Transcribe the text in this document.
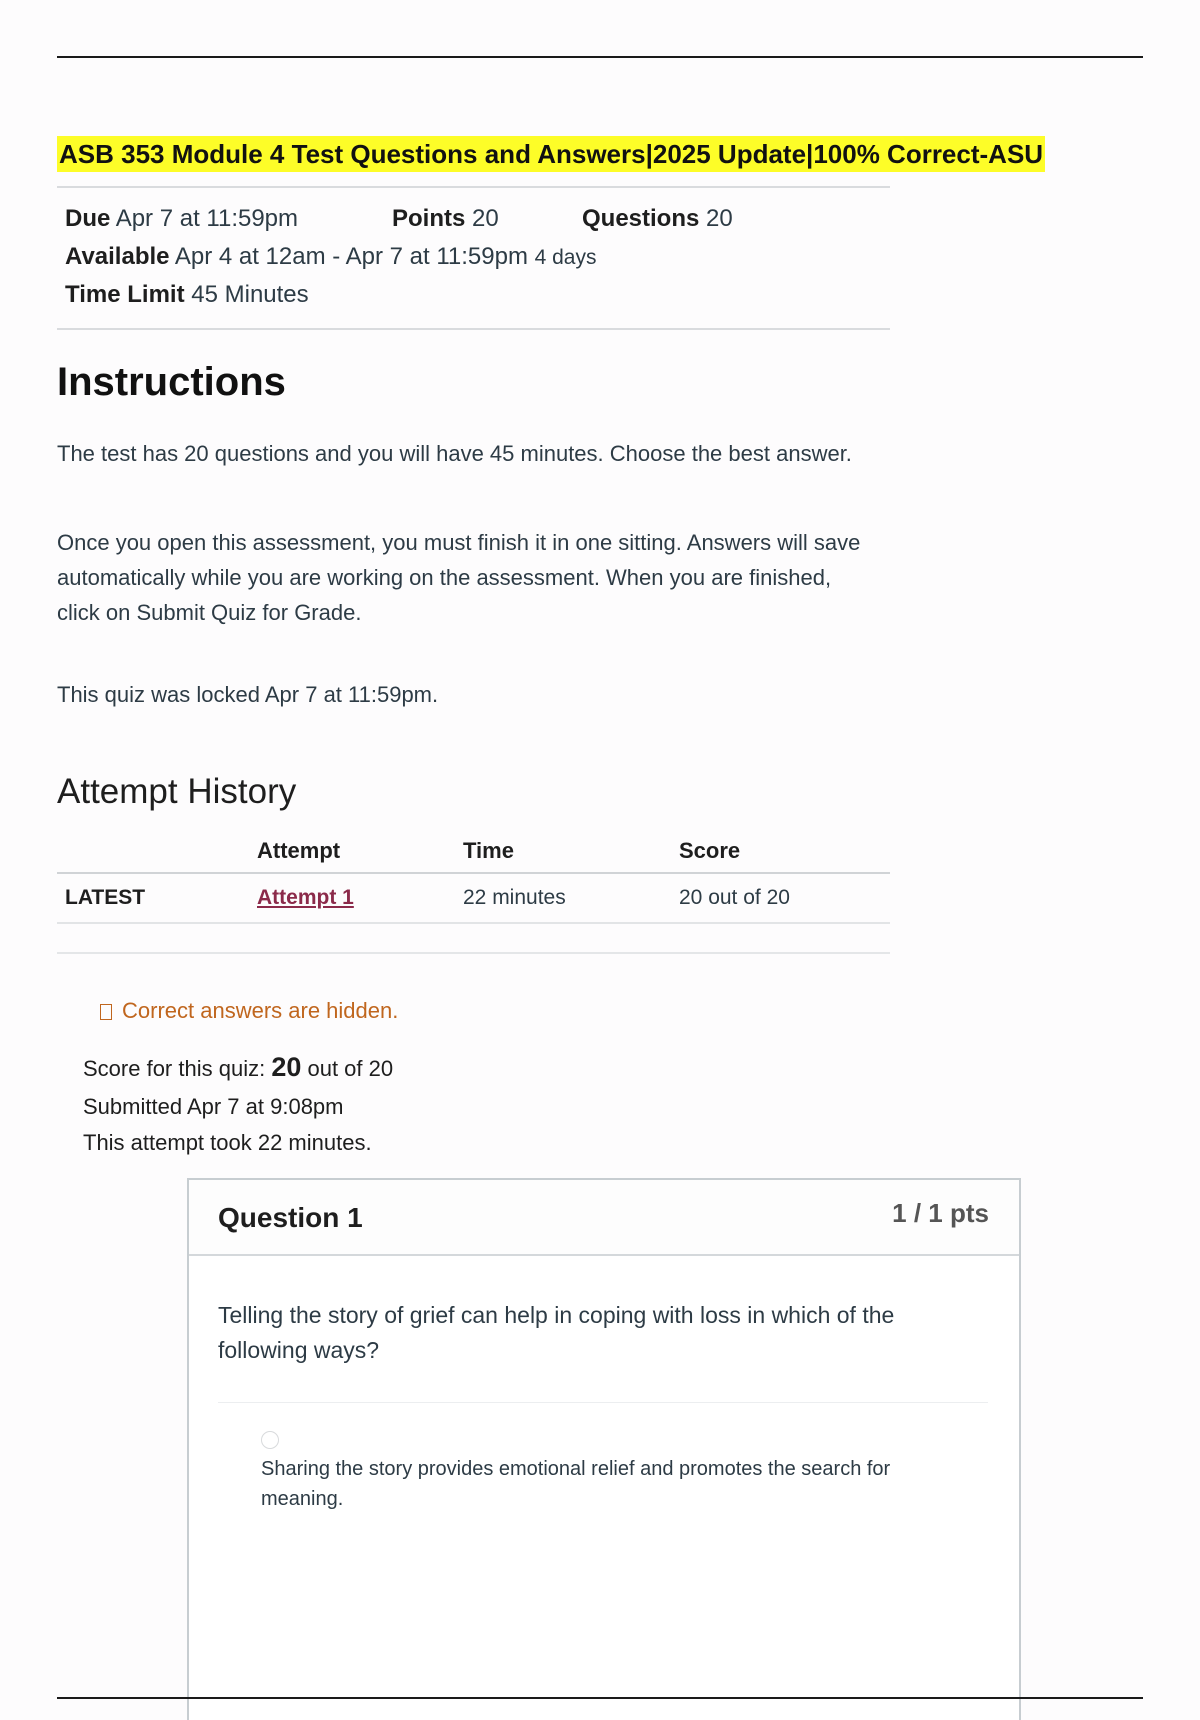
ASB 353 Module 4 Test Questions and Answers|2025 Update|100% Correct-ASU
Due Apr 7 at 11:59pm	Points 20	Questions 20
Available Apr 4 at 12am - Apr 7 at 11:59pm 4 days
Time Limit 45 Minutes
Instructions

The test has 20 questions and you will have 45 minutes. Choose the best answer.

Once you open this assessment, you must finish it in one sitting. Answers will save automatically while you are working on the assessment. When you are finished, click on Submit Quiz for Grade.

This quiz was locked Apr 7 at 11:59pm.

Attempt History
	Attempt	Time	Score
LATEST	Attempt 1	22 minutes	20 out of 20
Correct answers are hidden.
Score for this quiz: 20 out of 20
Submitted Apr 7 at 9:08pm
This attempt took 22 minutes.
Question 1	1 / 1 pts

Telling the story of grief can help in coping with loss in which of the following ways?

Sharing the story provides emotional relief and promotes the search for meaning.
